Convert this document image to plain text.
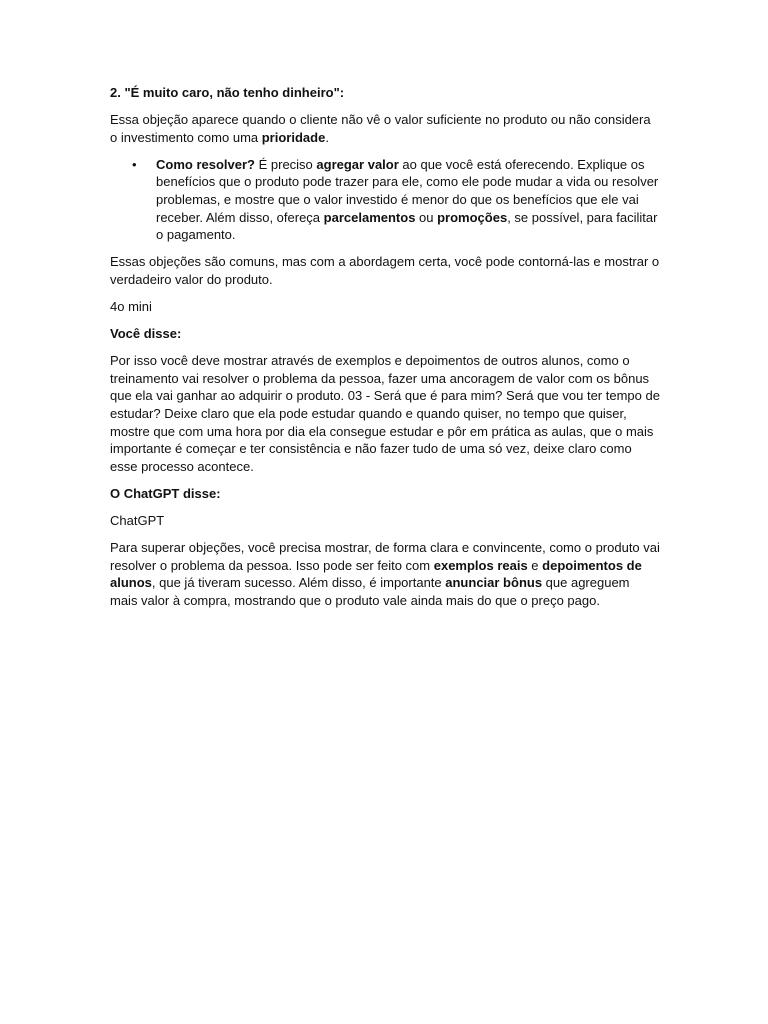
2. "É muito caro, não tenho dinheiro":

Essa objeção aparece quando o cliente não vê o valor suficiente no produto ou não considera o investimento como uma prioridade.

• Como resolver? É preciso agregar valor ao que você está oferecendo. Explique os benefícios que o produto pode trazer para ele, como ele pode mudar a vida ou resolver problemas, e mostre que o valor investido é menor do que os benefícios que ele vai receber. Além disso, ofereça parcelamentos ou promoções, se possível, para facilitar o pagamento.

Essas objeções são comuns, mas com a abordagem certa, você pode contorná-las e mostrar o verdadeiro valor do produto.

4o mini

Você disse:

Por isso você deve mostrar através de exemplos e depoimentos de outros alunos, como o treinamento vai resolver o problema da pessoa, fazer uma ancoragem de valor com os bônus que ela vai ganhar ao adquirir o produto. 03 - Será que é para mim? Será que vou ter tempo de estudar? Deixe claro que ela pode estudar quando e quando quiser, no tempo que quiser, mostre que com uma hora por dia ela consegue estudar e pôr em prática as aulas, que o mais importante é começar e ter consistência e não fazer tudo de uma só vez, deixe claro como esse processo acontece.

O ChatGPT disse:

ChatGPT

Para superar objeções, você precisa mostrar, de forma clara e convincente, como o produto vai resolver o problema da pessoa. Isso pode ser feito com exemplos reais e depoimentos de alunos, que já tiveram sucesso. Além disso, é importante anunciar bônus que agreguem mais valor à compra, mostrando que o produto vale ainda mais do que o preço pago.
